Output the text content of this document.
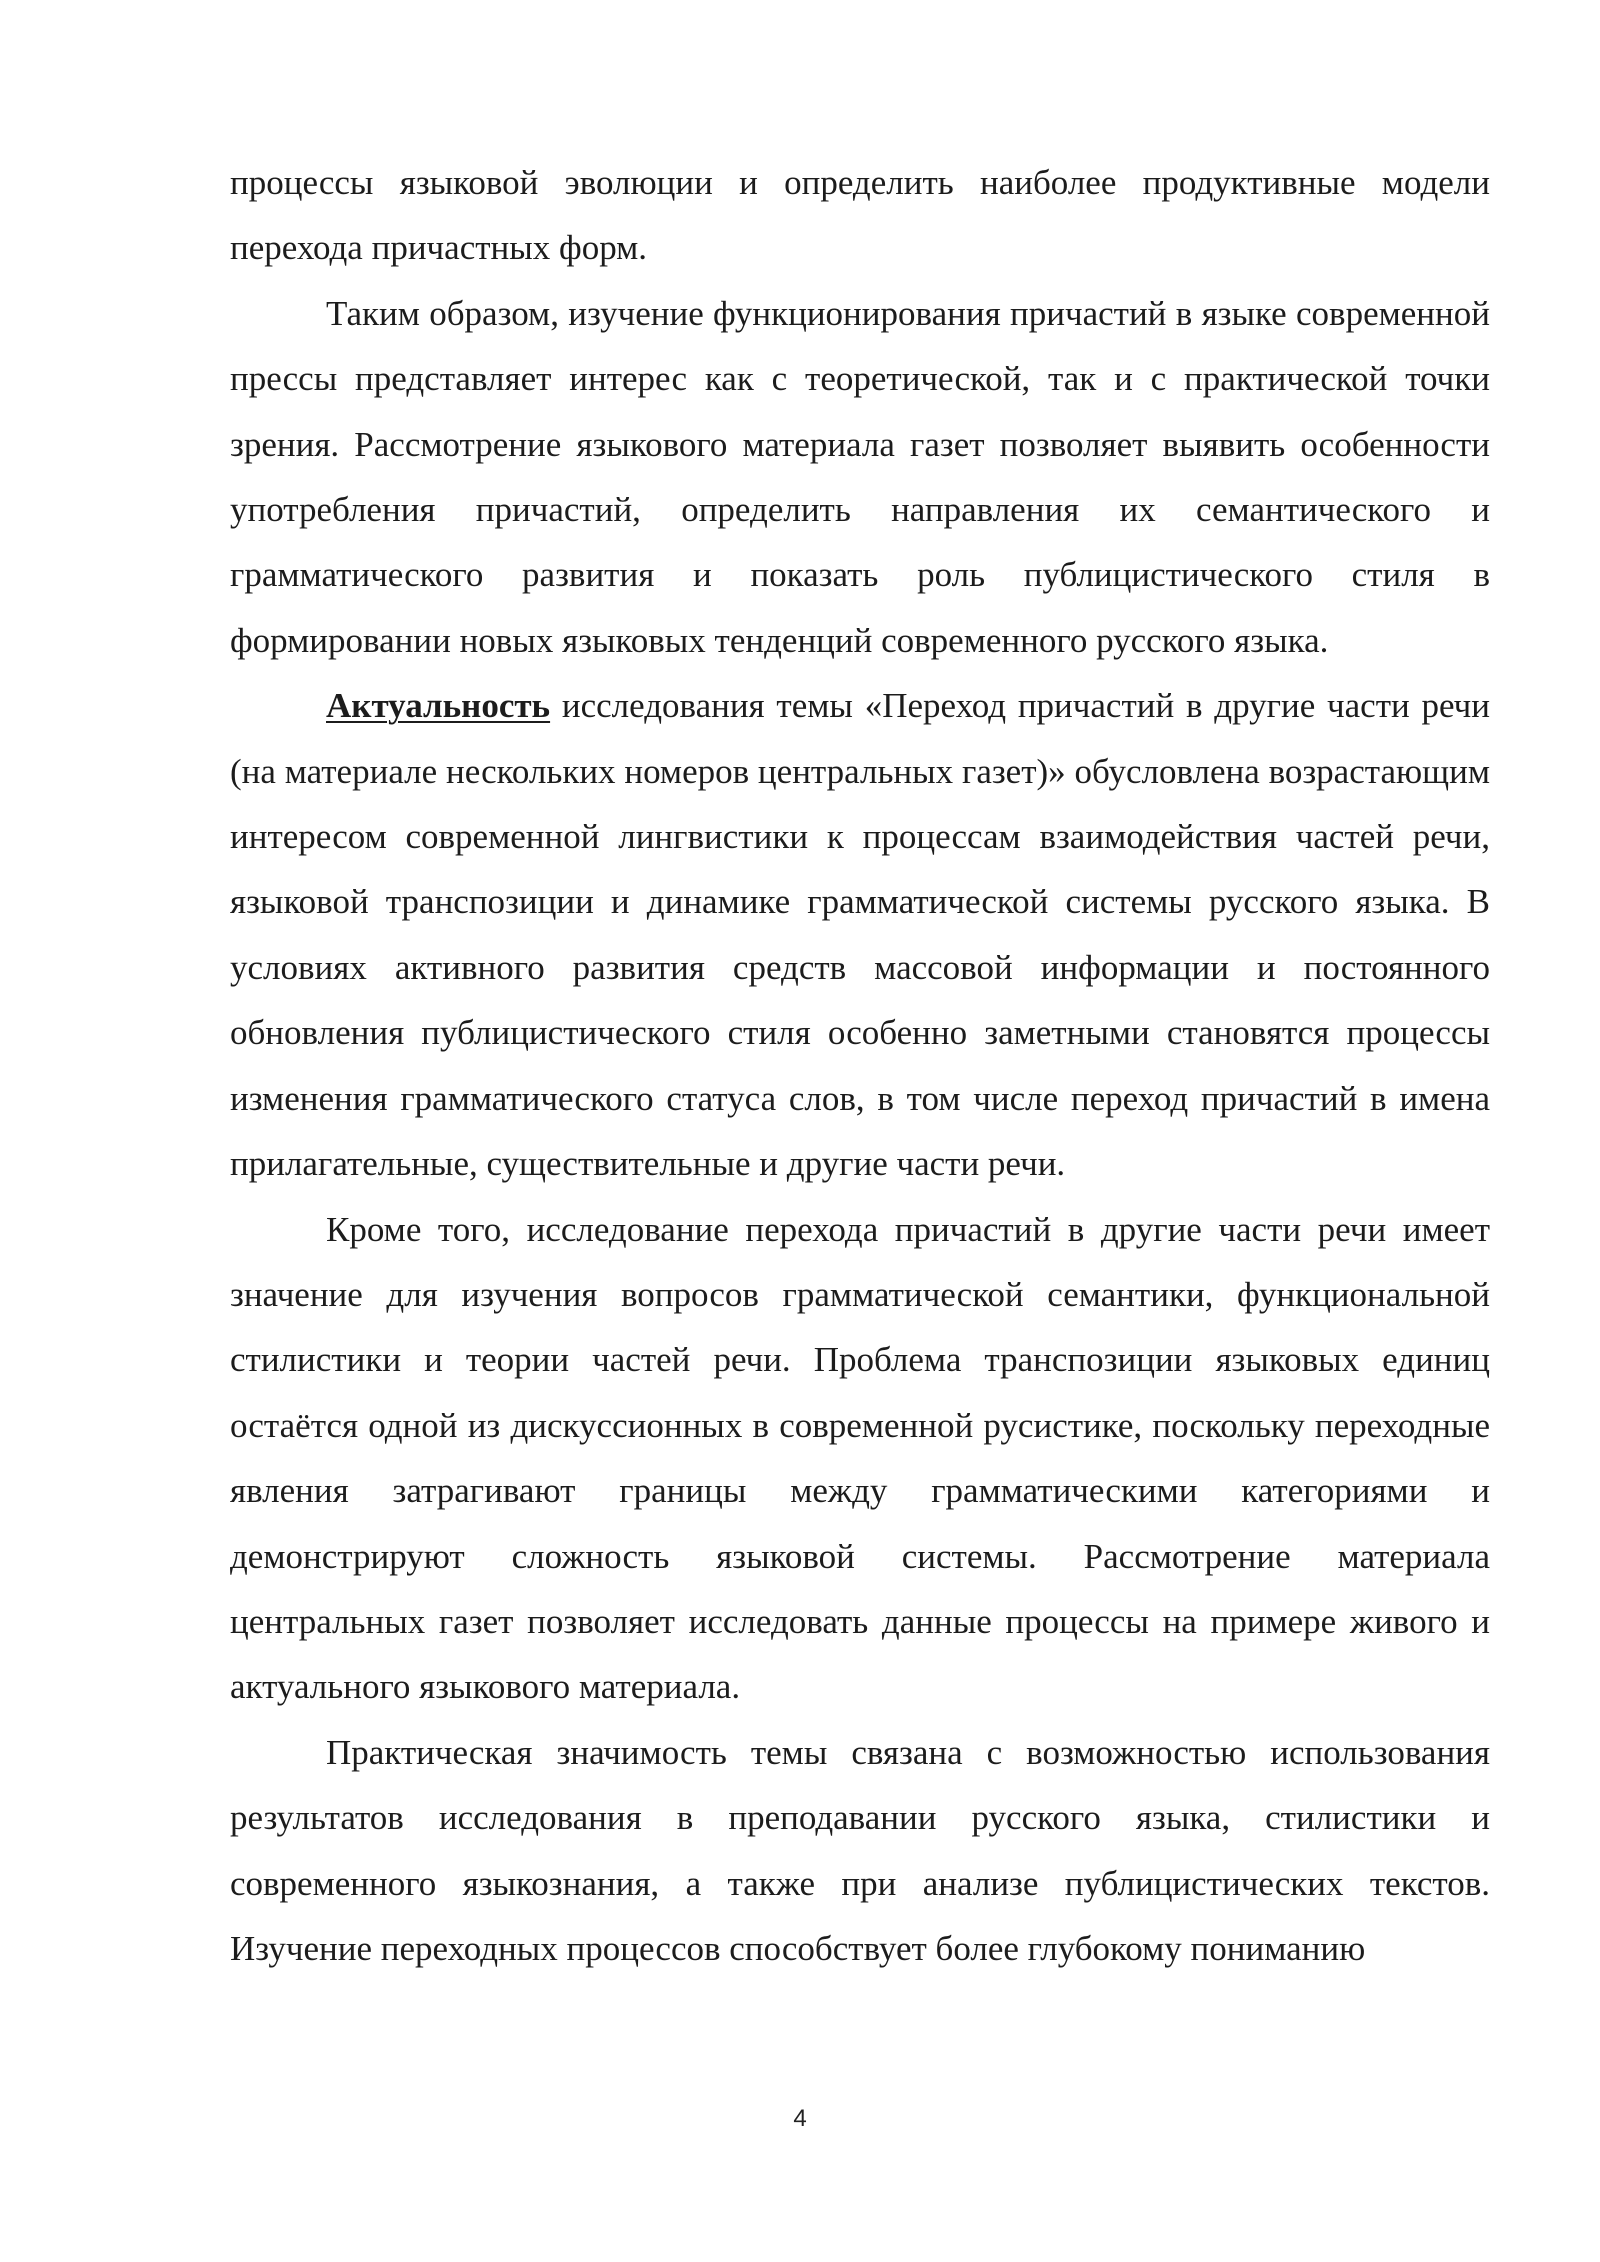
процессы языковой эволюции и определить наиболее продуктивные модели перехода причастных форм.

Таким образом, изучение функционирования причастий в языке современной прессы представляет интерес как с теоретической, так и с практической точки зрения. Рассмотрение языкового материала газет позволяет выявить особенности употребления причастий, определить направления их семантического и грамматического развития и показать роль публицистического стиля в формировании новых языковых тенденций современного русского языка.

Актуальность исследования темы «Переход причастий в другие части речи (на материале нескольких номеров центральных газет)» обусловлена возрастающим интересом современной лингвистики к процессам взаимодействия частей речи, языковой транспозиции и динамике грамматической системы русского языка. В условиях активного развития средств массовой информации и постоянного обновления публицистического стиля особенно заметными становятся процессы изменения грамматического статуса слов, в том числе переход причастий в имена прилагательные, существительные и другие части речи.

Кроме того, исследование перехода причастий в другие части речи имеет значение для изучения вопросов грамматической семантики, функциональной стилистики и теории частей речи. Проблема транспозиции языковых единиц остаётся одной из дискуссионных в современной русистике, поскольку переходные явления затрагивают границы между грамматическими категориями и демонстрируют сложность языковой системы. Рассмотрение материала центральных газет позволяет исследовать данные процессы на примере живого и актуального языкового материала.

Практическая значимость темы связана с возможностью использования результатов исследования в преподавании русского языка, стилистики и современного языкознания, а также при анализе публицистических текстов. Изучение переходных процессов способствует более глубокому пониманию

4
